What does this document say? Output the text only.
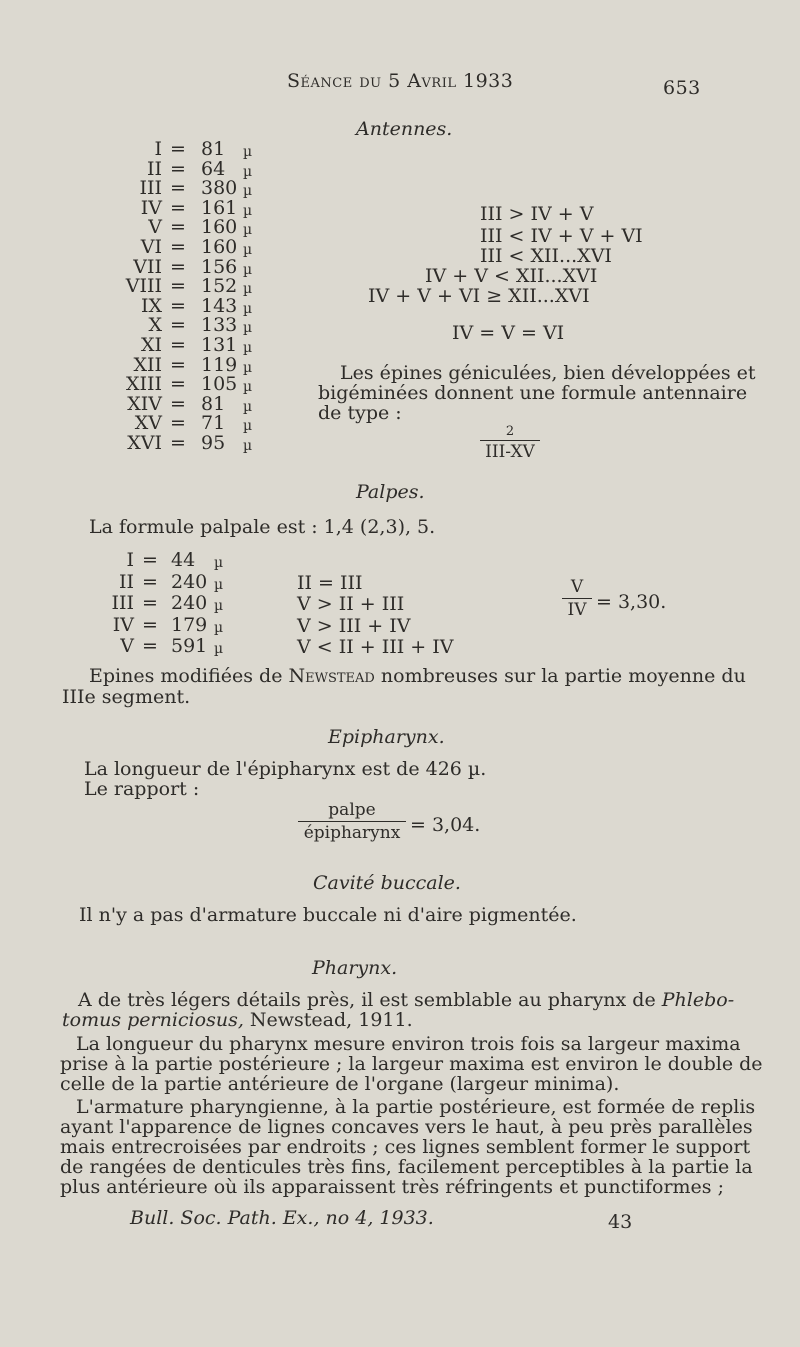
Séance du 5 Avril 1933	653
Antennes.
I = 81 µ
II = 64 µ
III = 380 µ
IV = 161 µ
V = 160 µ
VI = 160 µ
VII = 156 µ
VIII = 152 µ
IX = 143 µ
X = 133 µ
XI = 131 µ
XII = 119 µ
XIII = 105 µ
XIV = 81 µ
XV = 71 µ
XVI = 95 µ
III > IV + V
III < IV + V + VI
III < XII...XVI
IV + V < XII...XVI
IV + V + VI ≥ XII...XVI
IV = V = VI
Les épines géniculées, bien développées et
bigéminées donnent une formule antennaire
de type :
2
III-XV
Palpes.
La formule palpale est : 1,4 (2,3), 5.
I = 44 µ
II = 240 µ
III = 240 µ
IV = 179 µ
V = 591 µ
II = III
V > II + III
V > III + IV
V < II + III + IV
V
IV = 3,30.
Epines modifiées de Newstead nombreuses sur la partie moyenne du
IIIe segment.
Epipharynx.
La longueur de l'épipharynx est de 426 µ.
Le rapport :
palpe
épipharynx = 3,04.
Cavité buccale.
Il n'y a pas d'armature buccale ni d'aire pigmentée.
Pharynx.
A de très légers détails près, il est semblable au pharynx de Phlebo-
tomus perniciosus, Newstead, 1911.
La longueur du pharynx mesure environ trois fois sa largeur maxima
prise à la partie postérieure ; la largeur maxima est environ le double de
celle de la partie antérieure de l'organe (largeur minima).
L'armature pharyngienne, à la partie postérieure, est formée de replis
ayant l'apparence de lignes concaves vers le haut, à peu près parallèles
mais entrecroisées par endroits ; ces lignes semblent former le support
de rangées de denticules très fins, facilement perceptibles à la partie la
plus antérieure où ils apparaissent très réfringents et punctiformes ;
Bull. Soc. Path. Ex., no 4, 1933.	43
